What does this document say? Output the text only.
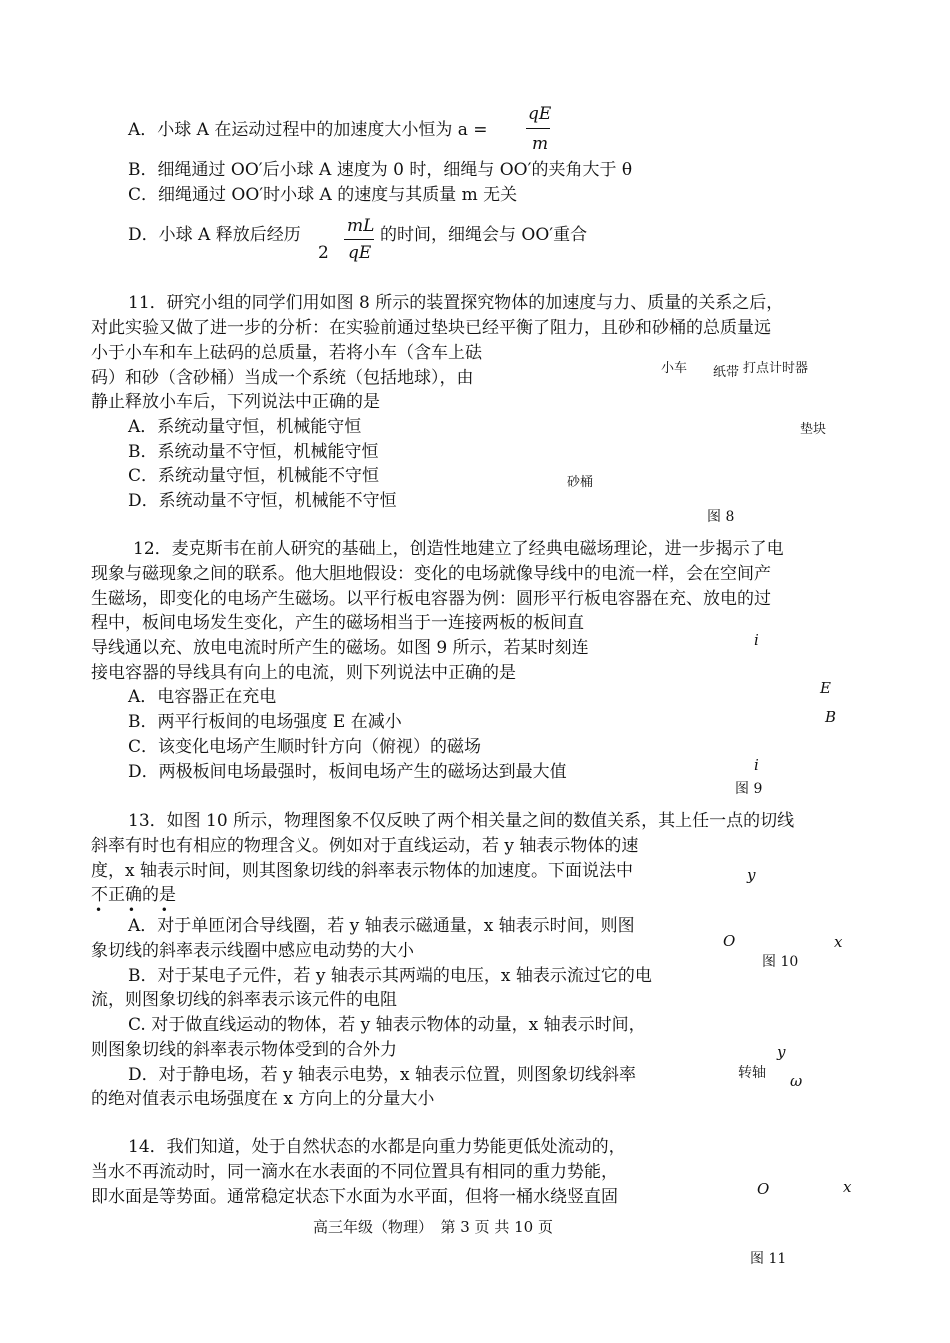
A．小球 A 在运动过程中的加速度大小恒为 a =
qE
m
B．细绳通过 OO′后小球 A 速度为 0 时，细绳与 OO′的夹角大于 θ
C．细绳通过 OO′时小球 A 的速度与其质量 m 无关
D．小球 A 释放后经历
2
mL
qE
的时间，细绳会与 OO′重合
11．研究小组的同学们用如图 8 所示的装置探究物体的加速度与力、质量的关系之后，
对此实验又做了进一步的分析：在实验前通过垫块已经平衡了阻力，且砂和砂桶的总质量远
小于小车和车上砝码的总质量，若将小车（含车上砝
码）和砂（含砂桶）当成一个系统（包括地球），由
静止释放小车后，下列说法中正确的是
A．系统动量守恒，机械能守恒
B．系统动量不守恒，机械能守恒
C．系统动量守恒，机械能不守恒
D．系统动量不守恒，机械能不守恒
小车 纸带 打点计时器
垫块
砂桶
图 8
12．麦克斯韦在前人研究的基础上，创造性地建立了经典电磁场理论，进一步揭示了电
现象与磁现象之间的联系。他大胆地假设：变化的电场就像导线中的电流一样，会在空间产
生磁场，即变化的电场产生磁场。以平行板电容器为例：圆形平行板电容器在充、放电的过
程中，板间电场发生变化，产生的磁场相当于一连接两板的板间直
导线通以充、放电电流时所产生的磁场。如图 9 所示，若某时刻连
接电容器的导线具有向上的电流，则下列说法中正确的是
A．电容器正在充电
B．两平行板间的电场强度 E 在减小
C．该变化电场产生顺时针方向（俯视）的磁场
D．两极板间电场最强时，板间电场产生的磁场达到最大值
i
E
B
i
图 9
13．如图 10 所示，物理图象不仅反映了两个相关量之间的数值关系，其上任一点的切线
斜率有时也有相应的物理含义。例如对于直线运动，若 y 轴表示物体的速
度，x 轴表示时间，则其图象切线的斜率表示物体的加速度。下面说法中
不正确的是
• • •
A．对于单匝闭合导线圈，若 y 轴表示磁通量，x 轴表示时间，则图
象切线的斜率表示线圈中感应电动势的大小
B．对于某电子元件，若 y 轴表示其两端的电压，x 轴表示流过它的电
流，则图象切线的斜率表示该元件的电阻
C. 对于做直线运动的物体，若 y 轴表示物体的动量，x 轴表示时间，
则图象切线的斜率表示物体受到的合外力
D．对于静电场，若 y 轴表示电势，x 轴表示位置，则图象切线斜率
的绝对值表示电场强度在 x 方向上的分量大小
y
O	x
图 10
14．我们知道，处于自然状态的水都是向重力势能更低处流动的，
当水不再流动时，同一滴水在水表面的不同位置具有相同的重力势能，
即水面是等势面。通常稳定状态下水面为水平面，但将一桶水绕竖直固
y
转轴 ω
O	x
图 11
高三年级（物理）　第 3 页 共 10 页
